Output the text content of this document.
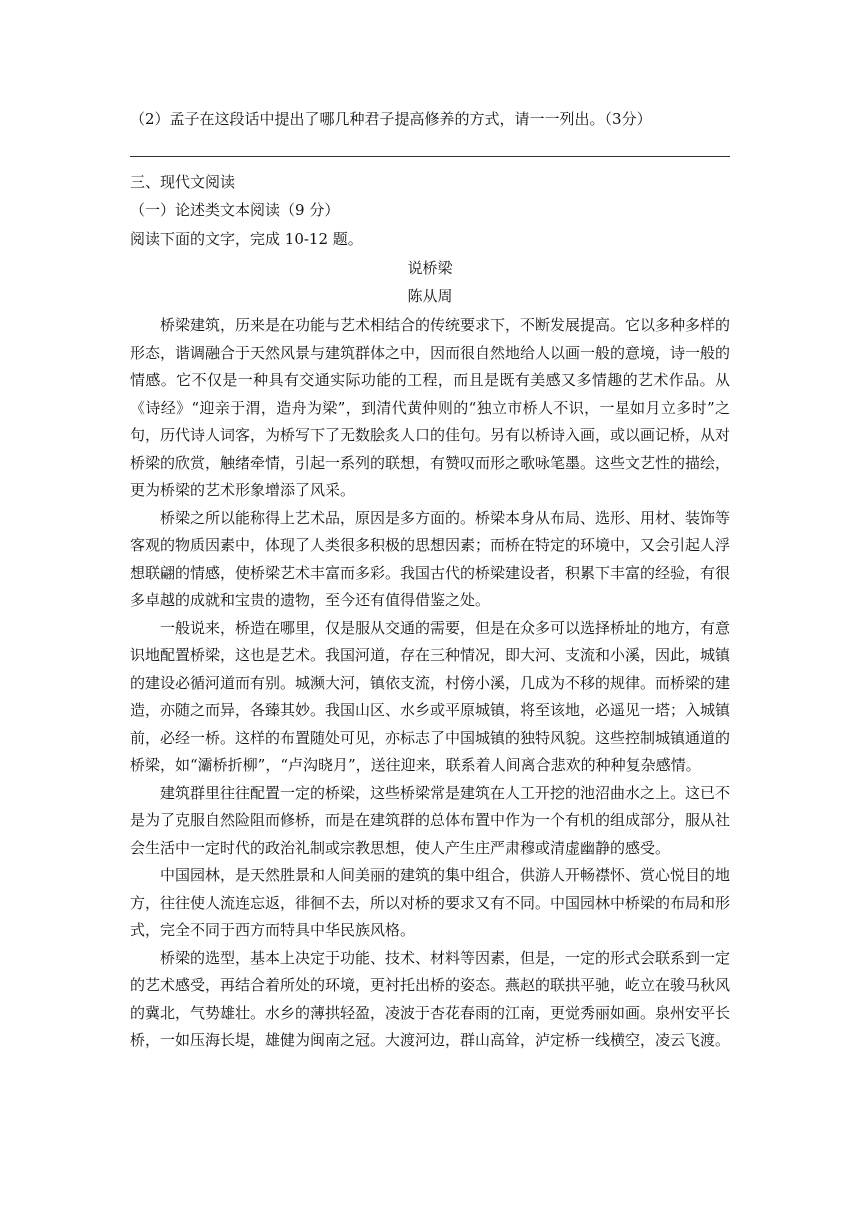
（2）孟子在这段话中提出了哪几种君子提高修养的方式，请一一列出。（3分）
三、现代文阅读
（一）论述类文本阅读（9 分）
阅读下面的文字，完成 10-12 题。
说桥梁
陈从周

桥梁建筑，历来是在功能与艺术相结合的传统要求下，不断发展提高。它以多种多样的形态，谐调融合于天然风景与建筑群体之中，因而很自然地给人以画一般的意境，诗一般的情感。它不仅是一种具有交通实际功能的工程，而且是既有美感又多情趣的艺术作品。从《诗经》“迎亲于渭，造舟为梁”，到清代黄仲则的“独立市桥人不识，一星如月立多时”之句，历代诗人词客，为桥写下了无数脍炙人口的佳句。另有以桥诗入画，或以画记桥，从对桥梁的欣赏，触绪牵情，引起一系列的联想，有赞叹而形之歌咏笔墨。这些文艺性的描绘，更为桥梁的艺术形象增添了风采。

桥梁之所以能称得上艺术品，原因是多方面的。桥梁本身从布局、选形、用材、装饰等客观的物质因素中，体现了人类很多积极的思想因素；而桥在特定的环境中，又会引起人浮想联翩的情感，使桥梁艺术丰富而多彩。我国古代的桥梁建设者，积累下丰富的经验，有很多卓越的成就和宝贵的遗物，至今还有值得借鉴之处。

一般说来，桥造在哪里，仅是服从交通的需要，但是在众多可以选择桥址的地方，有意识地配置桥梁，这也是艺术。我国河道，存在三种情况，即大河、支流和小溪，因此，城镇的建设必循河道而有别。城濒大河，镇依支流，村傍小溪，几成为不移的规律。而桥梁的建造，亦随之而异，各臻其妙。我国山区、水乡或平原城镇，将至该地，必遥见一塔；入城镇前，必经一桥。这样的布置随处可见，亦标志了中国城镇的独特风貌。这些控制城镇通道的桥梁，如“灞桥折柳”，“卢沟晓月”，送往迎来，联系着人间离合悲欢的种种复杂感情。

建筑群里往往配置一定的桥梁，这些桥梁常是建筑在人工开挖的池沼曲水之上。这已不是为了克服自然险阻而修桥，而是在建筑群的总体布置中作为一个有机的组成部分，服从社会生活中一定时代的政治礼制或宗教思想，使人产生庄严肃穆或清虚幽静的感受。

中国园林，是天然胜景和人间美丽的建筑的集中组合，供游人开畅襟怀、赏心悦目的地方，往往使人流连忘返，徘徊不去，所以对桥的要求又有不同。中国园林中桥梁的布局和形式，完全不同于西方而特具中华民族风格。

桥梁的选型，基本上决定于功能、技术、材料等因素，但是，一定的形式会联系到一定的艺术感受，再结合着所处的环境，更衬托出桥的姿态。燕赵的联拱平驰，屹立在骏马秋风的冀北，气势雄壮。水乡的薄拱轻盈，凌波于杏花春雨的江南，更觉秀丽如画。泉州安平长桥，一如压海长堤，雄健为闽南之冠。大渡河边，群山高耸，泸定桥一线横空，凌云飞渡。
